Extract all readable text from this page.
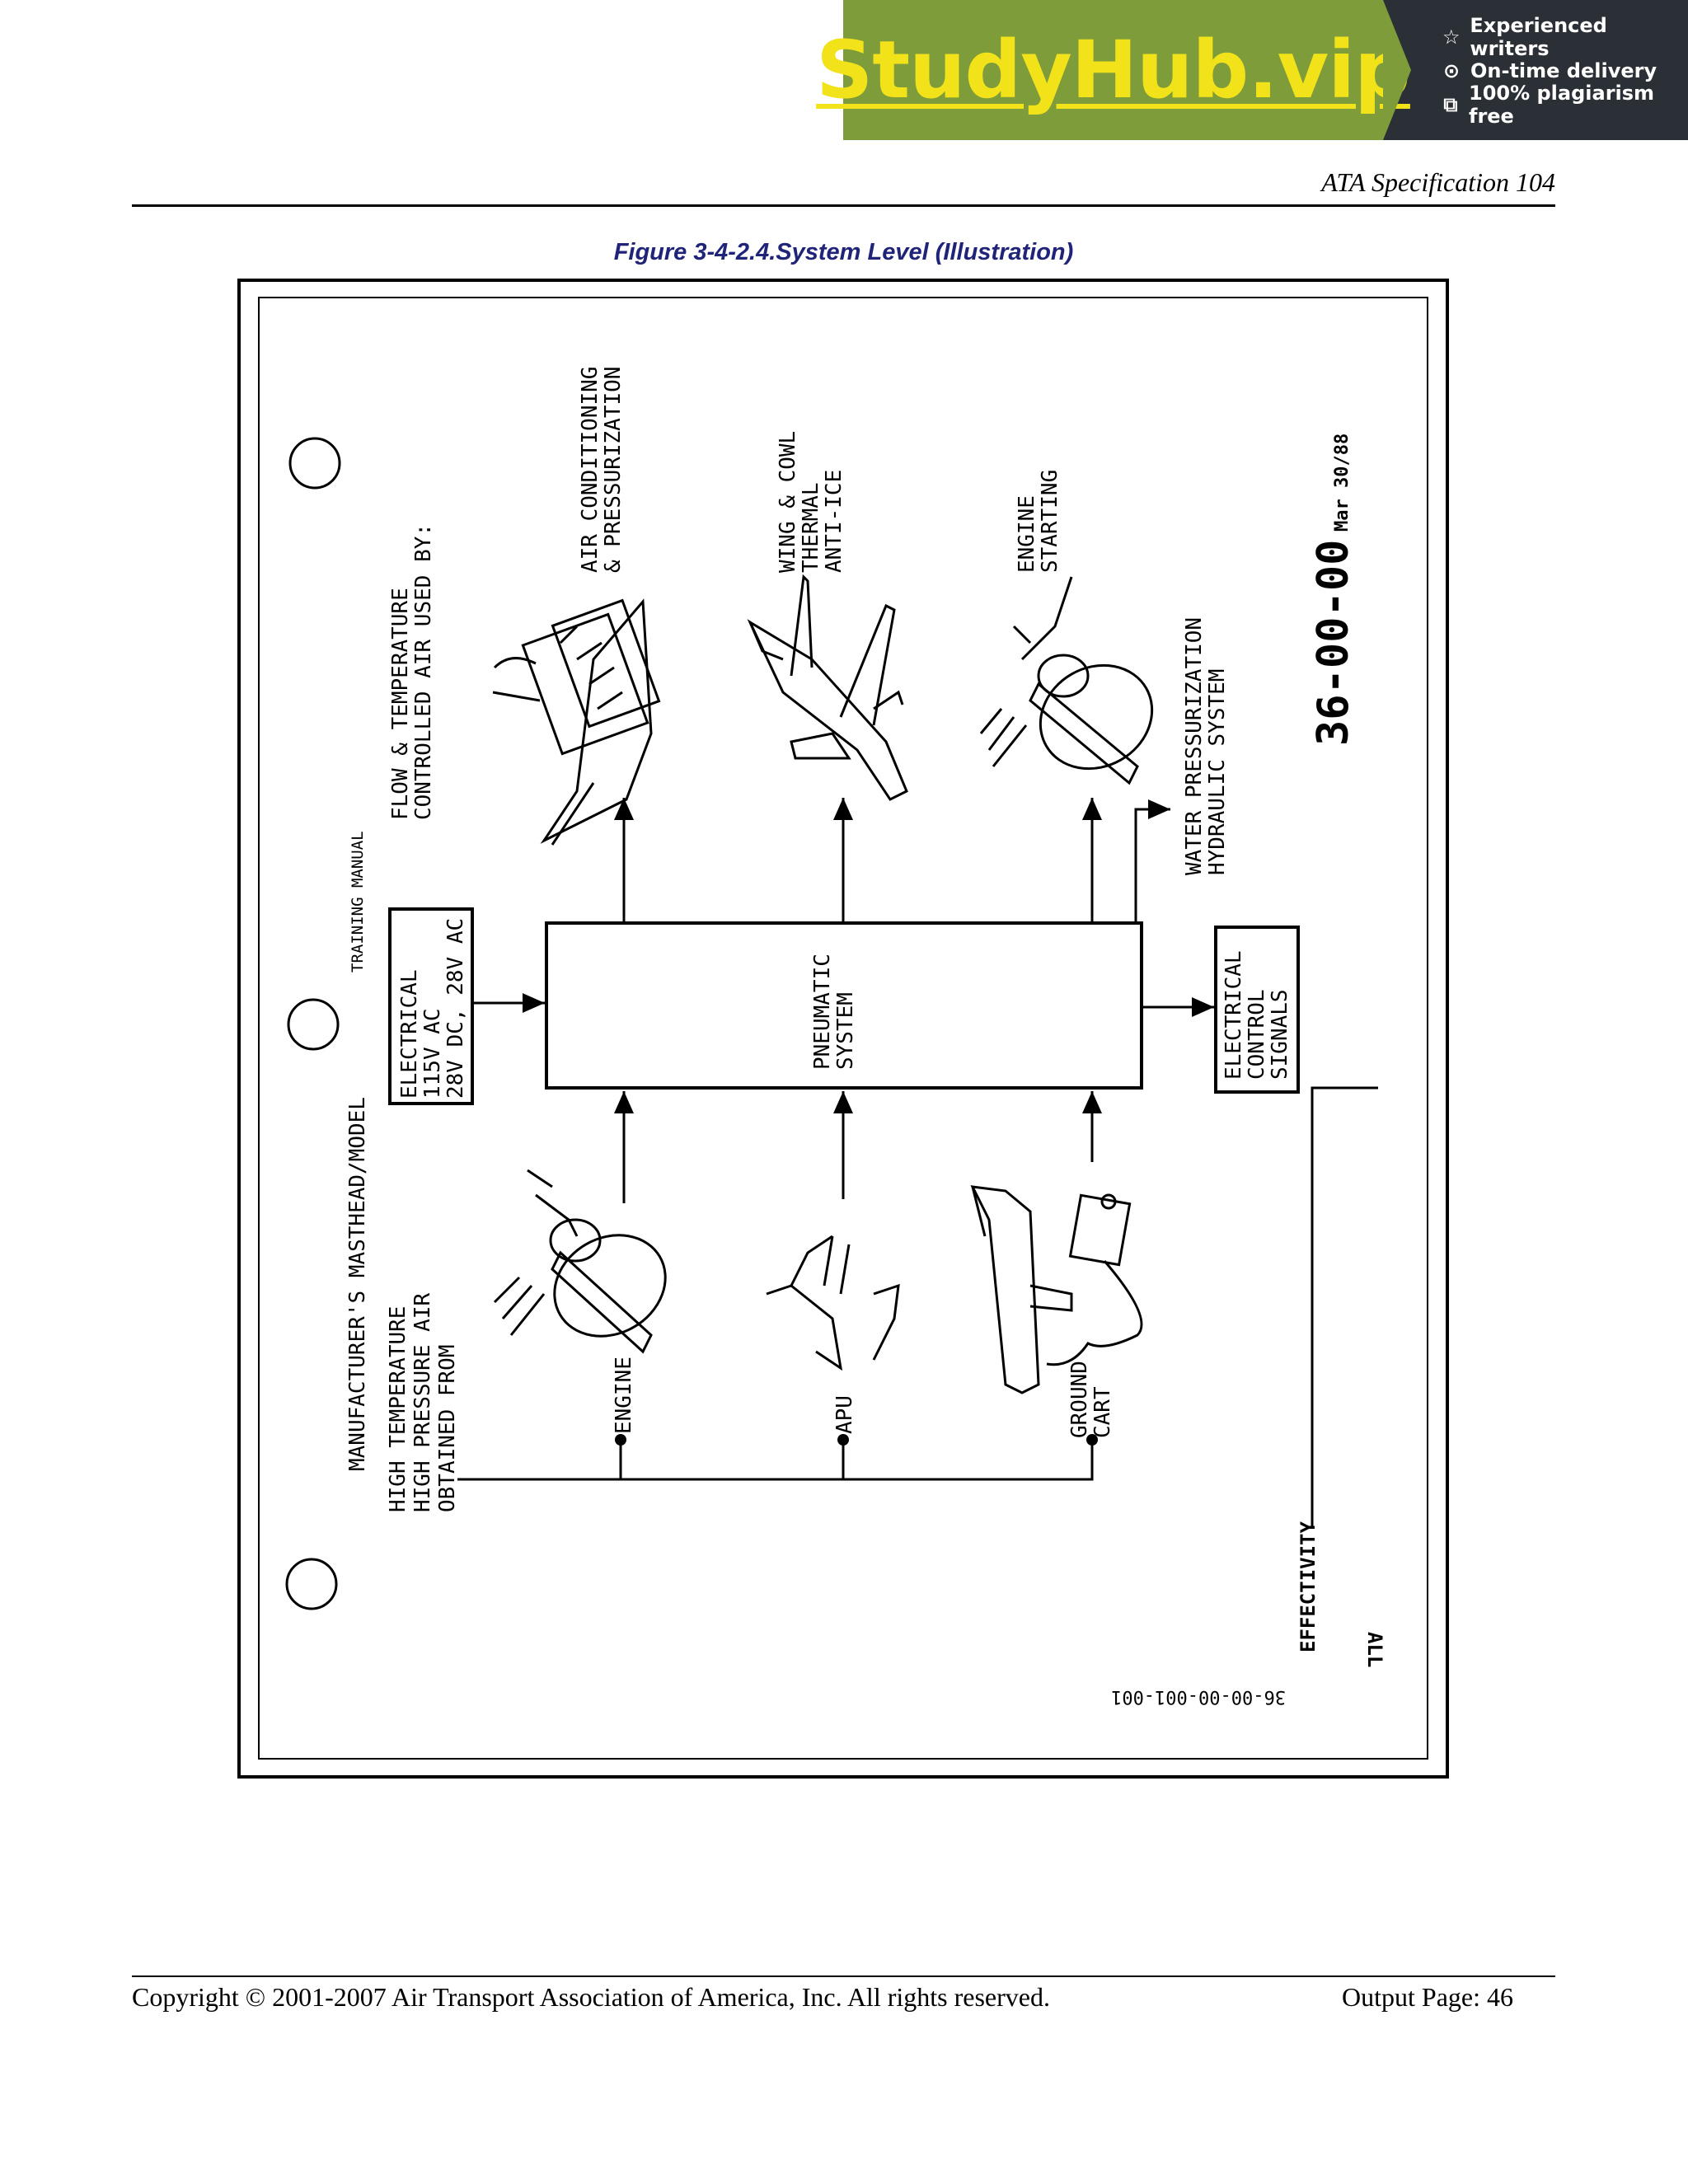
StudyHub.vip ☆ Experienced writers
⊙ On-time delivery
⧉ 100% plagiarism free
ATA Specification 104
Figure 3-4-2.4.System Level (Illustration)
MANUFACTURER'S MASTHEAD/MODEL
TRAINING MANUAL
HIGH TEMPERATURE HIGH PRESSURE AIR OBTAINED FROM
ELECTRICAL
115V AC
28V DC, 28V AC
FLOW & TEMPERATURE
CONTROLLED AIR USED BY:
AIR CONDITIONING
& PRESSURIZATION	WING & COWL
THERMAL
ANTI-ICE	ENGINE
STARTING
WATER PRESSURIZATION
HYDRAULIC SYSTEM
PNEUMATIC
SYSTEM	ELECTRICAL
CONTROL
SIGNALS
ENGINE	APU	GROUND
CART
36-00-00
Mar 30/88
EFFECTIVITY ALL
36-00-00-001-001
Copyright © 2001-2007 Air Transport Association of America, Inc. All rights reserved.	Output Page: 46
